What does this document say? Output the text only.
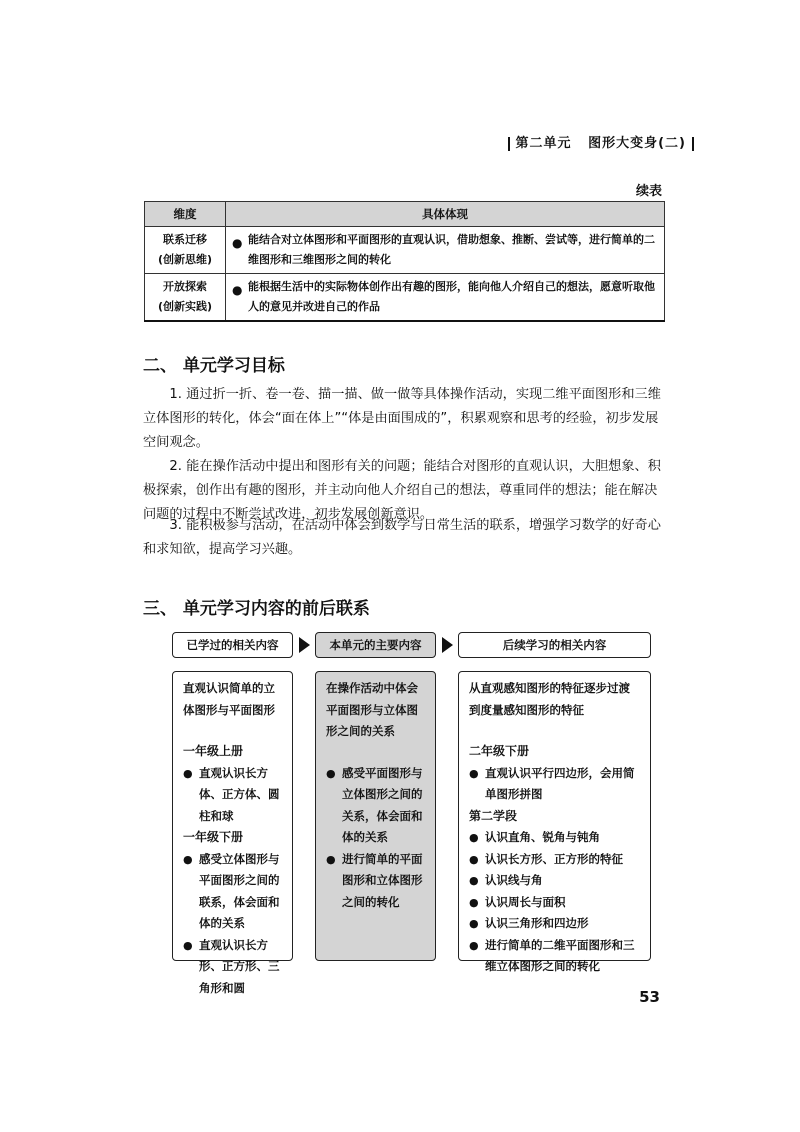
第二单元 图形大变身(二)
续表
维度	具体体现
联系迁移
(创新思维)	● 能结合对立体图形和平面图形的直观认识，借助想象、推断、尝试等，进行简单的二维图形和三维图形之间的转化
开放探索
(创新实践)	● 能根据生活中的实际物体创作出有趣的图形，能向他人介绍自己的想法，愿意听取他人的意见并改进自己的作品
二、 单元学习目标

1. 通过折一折、卷一卷、描一描、做一做等具体操作活动，实现二维平面图形和三维立体图形的转化，体会“面在体上”“体是由面围成的”，积累观察和思考的经验，初步发展空间观念。

2. 能在操作活动中提出和图形有关的问题；能结合对图形的直观认识，大胆想象、积极探索，创作出有趣的图形，并主动向他人介绍自己的想法，尊重同伴的想法；能在解决问题的过程中不断尝试改进，初步发展创新意识。

3. 能积极参与活动，在活动中体会到数学与日常生活的联系，增强学习数学的好奇心和求知欲，提高学习兴趣。

三、 单元学习内容的前后联系
已学过的相关内容	本单元的主要内容	后续学习的相关内容

直观认识简单的立体图形与平面图形

一年级上册

● 直观认识长方体、正方体、圆柱和球

一年级下册

● 感受立体图形与平面图形之间的联系，体会面和体的关系

● 直观认识长方形、正方形、三角形和圆

在操作活动中体会平面图形与立体图形之间的关系

● 感受平面图形与立体图形之间的关系，体会面和体的关系

● 进行简单的平面图形和立体图形之间的转化

从直观感知图形的特征逐步过渡到度量感知图形的特征

二年级下册

● 直观认识平行四边形，会用简单图形拼图

第二学段

● 认识直角、锐角与钝角

● 认识长方形、正方形的特征

● 认识线与角

● 认识周长与面积

● 认识三角形和四边形

● 进行简单的二维平面图形和三维立体图形之间的转化

53
